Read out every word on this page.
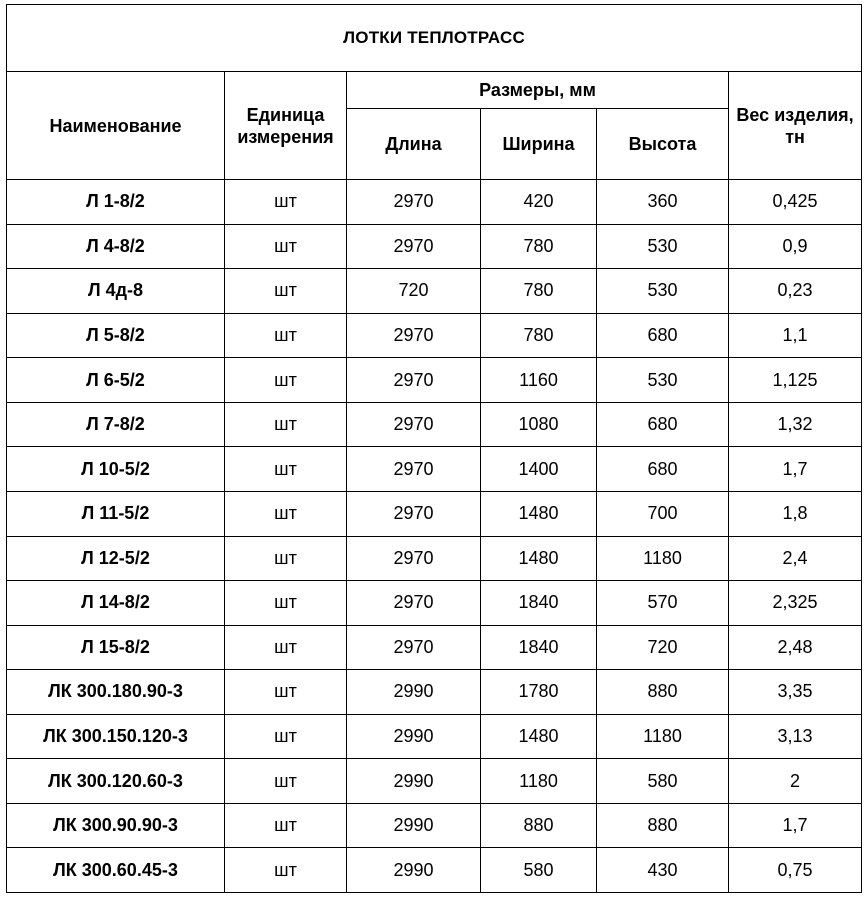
ЛОТКИ ТЕПЛОТРАСС					
Наименование	Единица измерения	Размеры, мм			Вес изделия, тн
		Длина	Ширина	Высота	
Л 1-8/2	шт	2970	420	360	0,425
Л 4-8/2	шт	2970	780	530	0,9
Л 4д-8	шт	720	780	530	0,23
Л 5-8/2	шт	2970	780	680	1,1
Л 6-5/2	шт	2970	1160	530	1,125
Л 7-8/2	шт	2970	1080	680	1,32
Л 10-5/2	шт	2970	1400	680	1,7
Л 11-5/2	шт	2970	1480	700	1,8
Л 12-5/2	шт	2970	1480	1180	2,4
Л 14-8/2	шт	2970	1840	570	2,325
Л 15-8/2	шт	2970	1840	720	2,48
ЛК 300.180.90-3	шт	2990	1780	880	3,35
ЛК 300.150.120-3	шт	2990	1480	1180	3,13
ЛК 300.120.60-3	шт	2990	1180	580	2
ЛК 300.90.90-3	шт	2990	880	880	1,7
ЛК 300.60.45-3	шт	2990	580	430	0,75
